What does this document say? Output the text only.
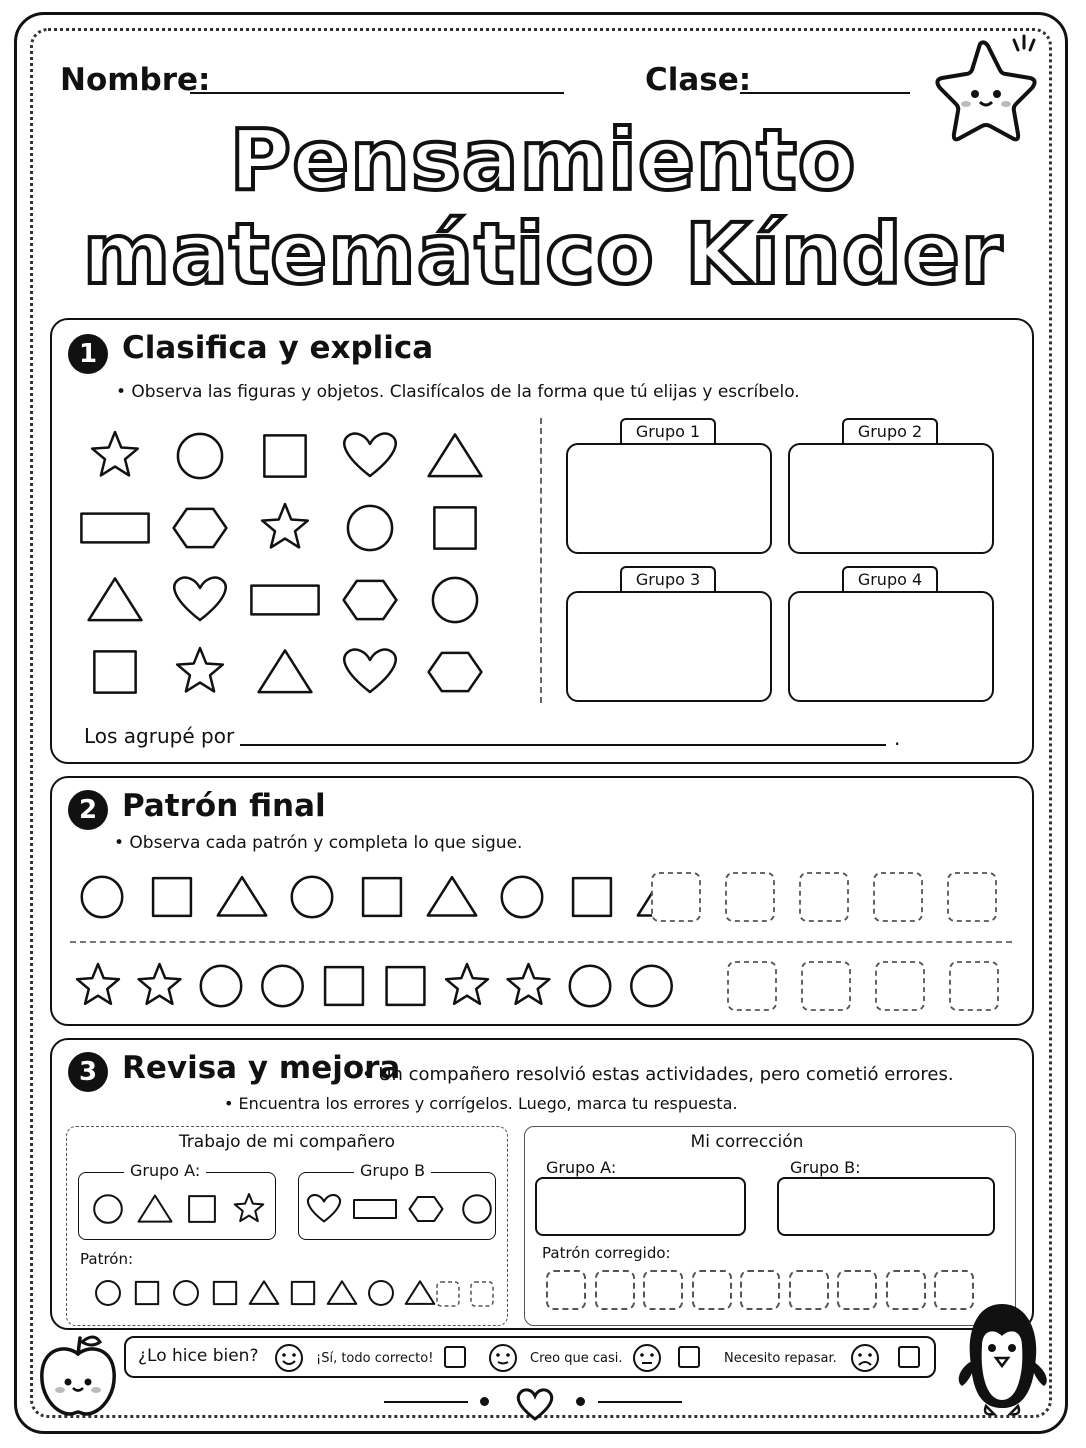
Nombre:	Clase:
Pensamiento
matemático Kínder
1 Clasifica y explica
• Observa las figuras y objetos. Clasifícalos de la forma que tú elijas y escríbelo.
Grupo 1	Grupo 2
Grupo 3	Grupo 4
Los agrupé por	.
2 Patrón final
• Observa cada patrón y completa lo que sigue.
3 Revisa y mejora
• Un compañero resolvió estas actividades, pero cometió errores.
• Encuentra los errores y corrígelos. Luego, marca tu respuesta.
Trabajo de mi compañero
Grupo A:	Grupo B
Patrón:
Mi corrección
Grupo A:	Grupo B:
Patrón corregido:
¿Lo hice bien?	¡Sí, todo correcto!	Creo que casi.	Necesito repasar.
